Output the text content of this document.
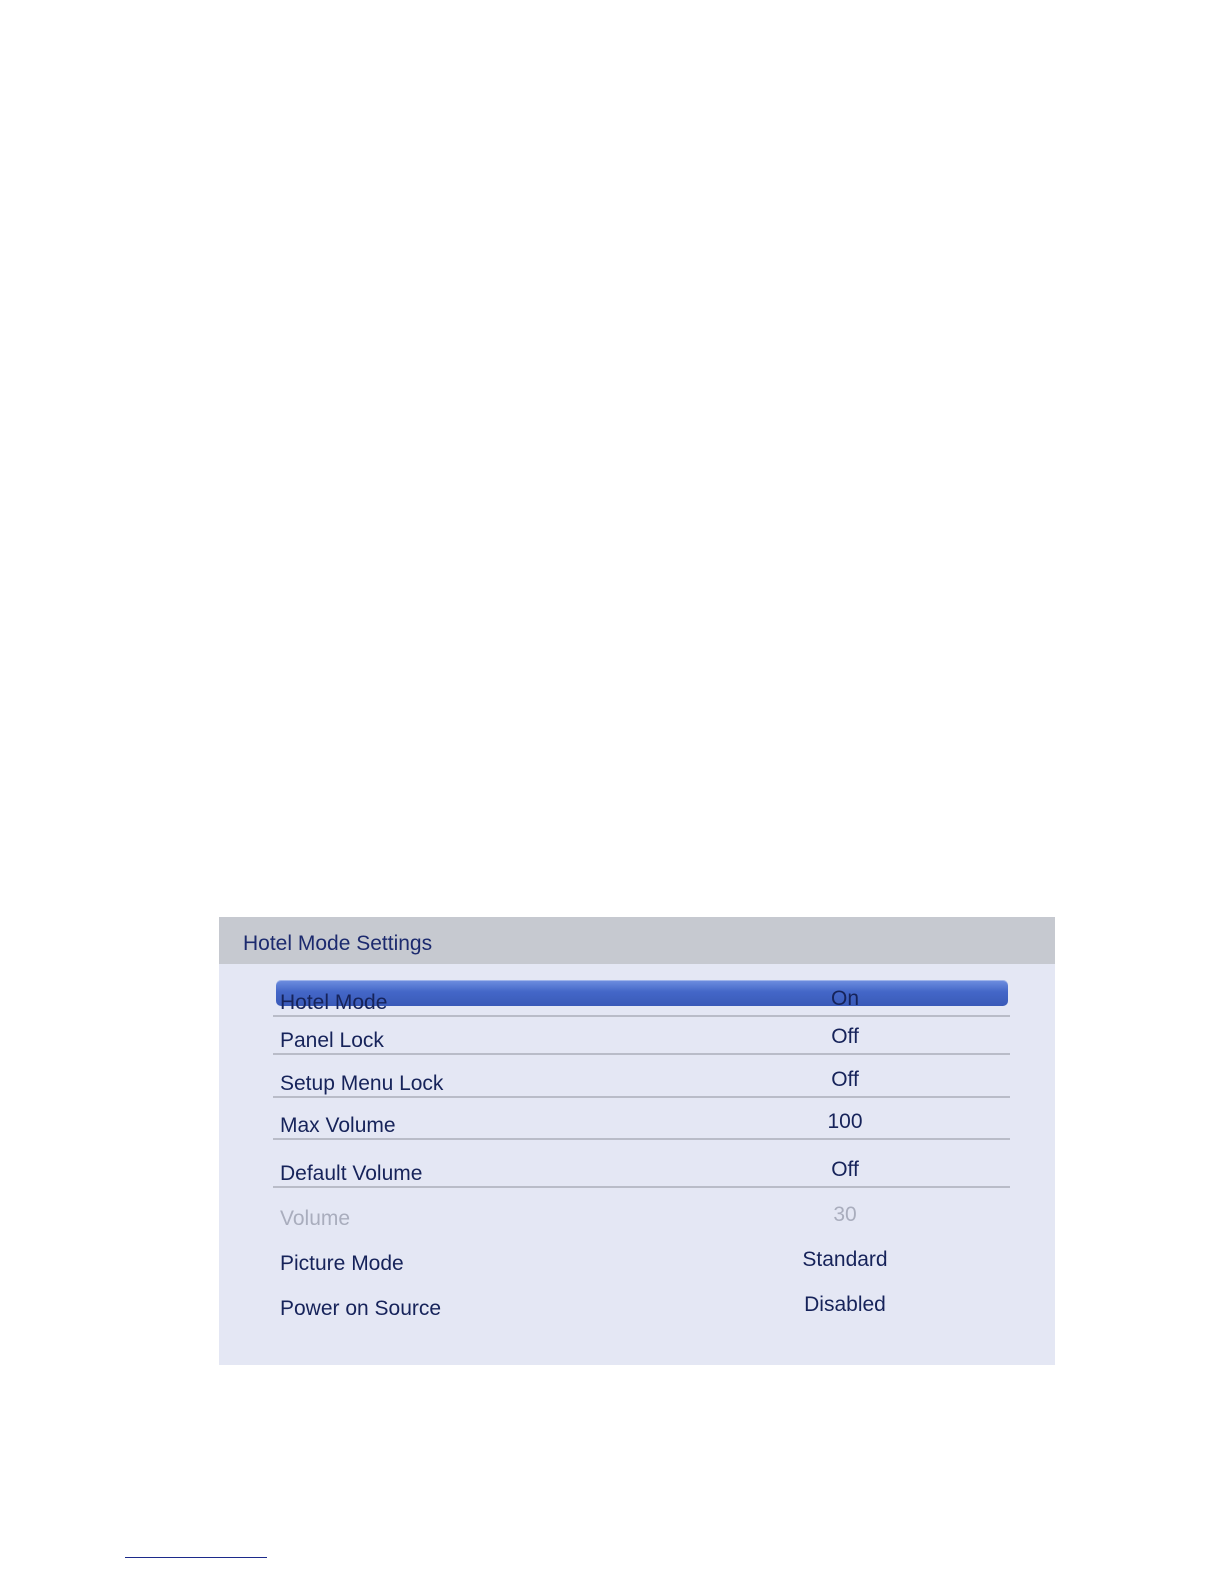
Hotel Mode Settings
Hotel Mode	On
Panel Lock	Off
Setup Menu Lock	Off
Max Volume	100
Default Volume	Off
Volume	30
Picture Mode	Standard
Power on Source	Disabled
